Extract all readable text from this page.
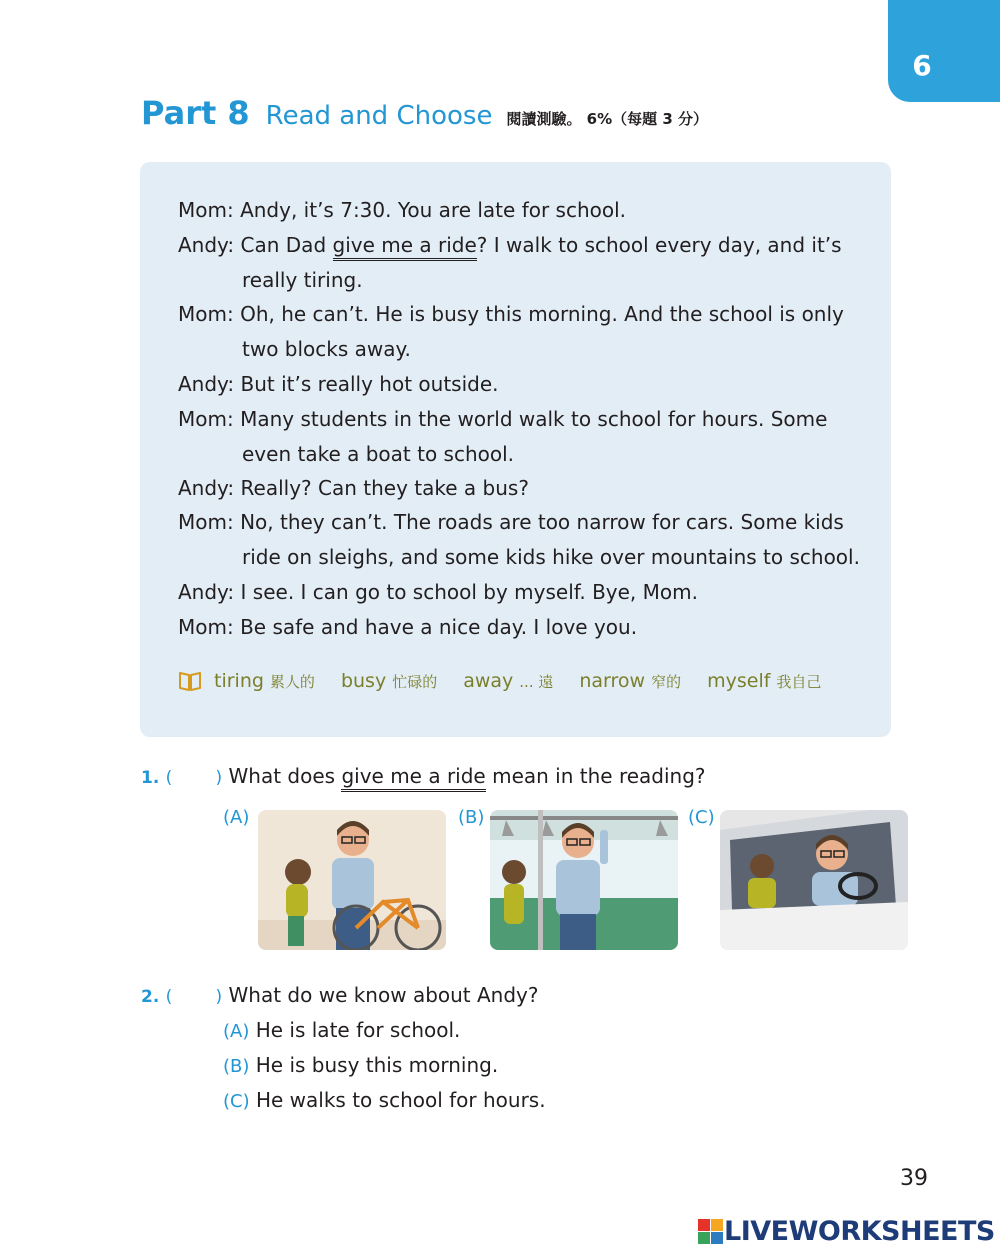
6
Part 8 Read and Choose 閱讀測驗。 6%（每題 3 分）
Mom: Andy, it’s 7:30. You are late for school.
Andy: Can Dad give me a ride? I walk to school every day, and it’s
really tiring.
Mom: Oh, he can’t. He is busy this morning. And the school is only
two blocks away.
Andy: But it’s really hot outside.
Mom: Many students in the world walk to school for hours. Some
even take a boat to school.
Andy: Really? Can they take a bus?
Mom: No, they can’t. The roads are too narrow for cars. Some kids
ride on sleighs, and some kids hike over mountains to school.
Andy: I see. I can go to school by myself. Bye, Mom.
Mom: Be safe and have a nice day. I love you.
tiring 累人的 busy 忙碌的 away ... 遠 narrow 窄的 myself 我自己
1. (        ) What does give me a ride mean in the reading?
(A)	(B)	(C)
2. (        ) What do we know about Andy?
(A) He is late for school.
(B) He is busy this morning.
(C) He walks to school for hours.
39
LIVEWORKSHEETS
